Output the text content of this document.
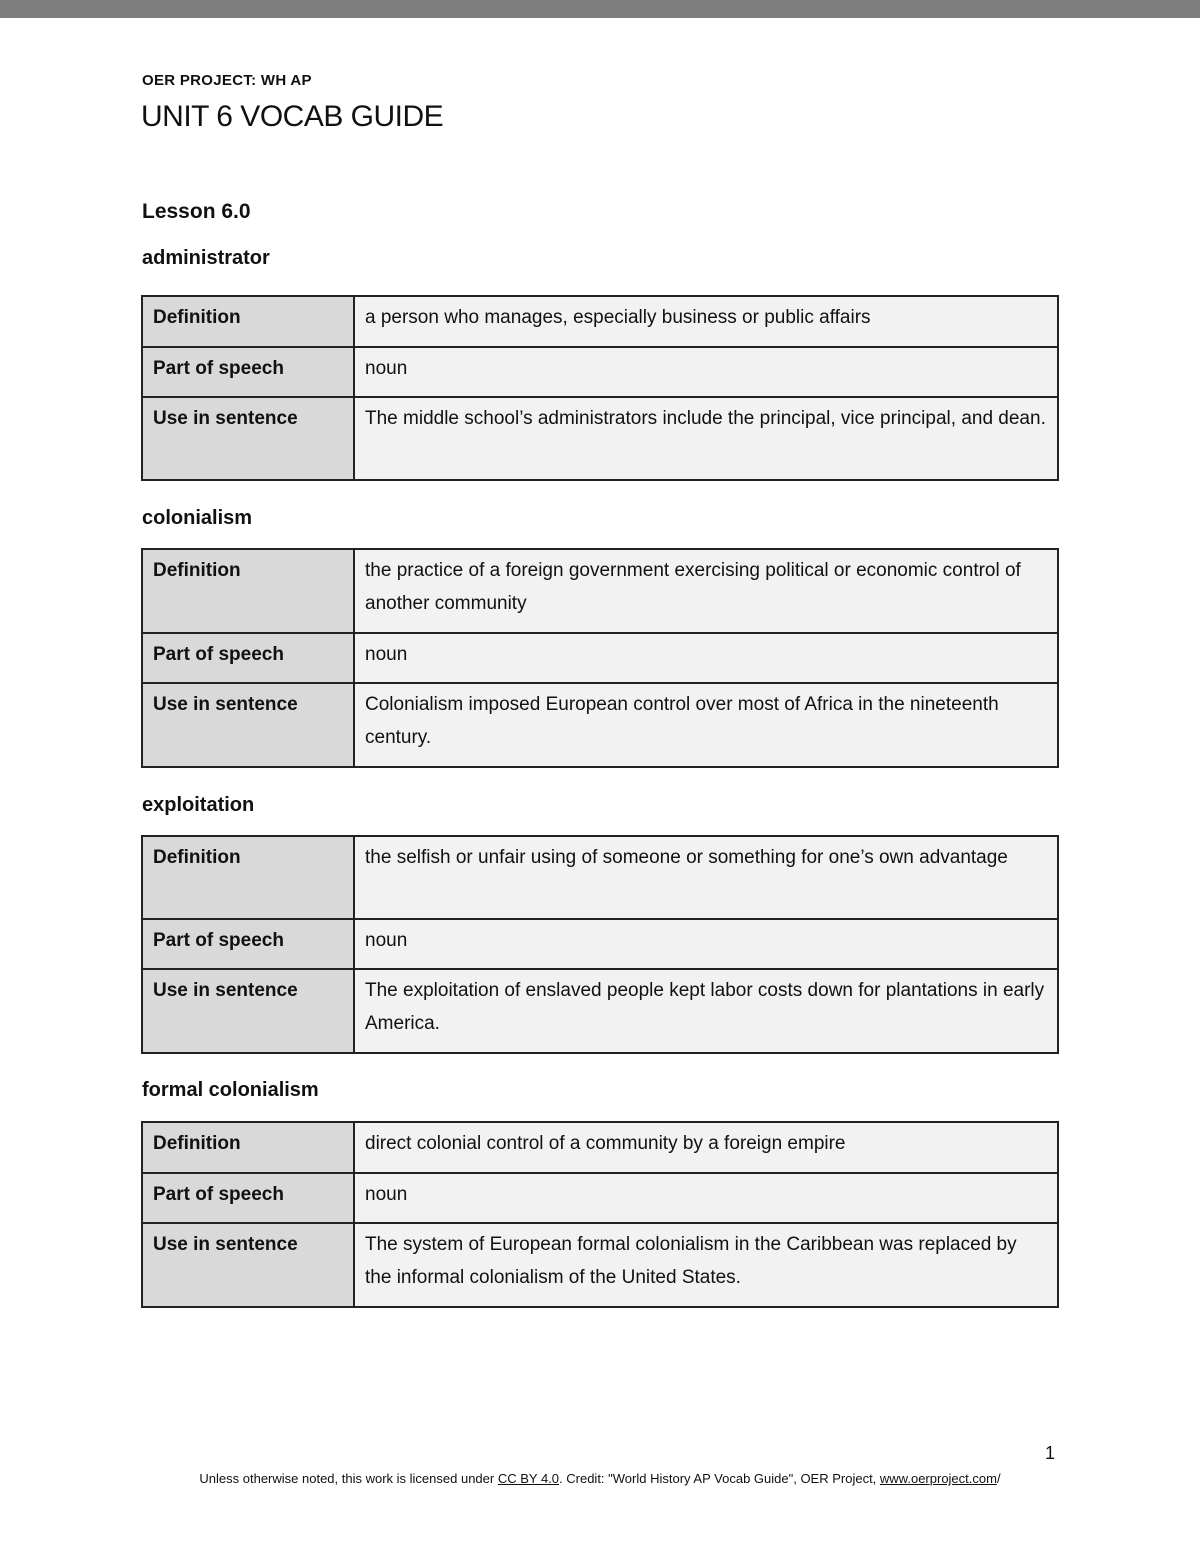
OER PROJECT: WH AP
UNIT 6 VOCAB GUIDE
Lesson 6.0
administrator
Definition	a person who manages, especially business or public affairs
Part of speech	noun
Use in sentence	The middle school’s administrators include the principal, vice principal, and dean.
colonialism
Definition	the practice of a foreign government exercising political or economic control of another community
Part of speech	noun
Use in sentence	Colonialism imposed European control over most of Africa in the nineteenth century.
exploitation
Definition	the selfish or unfair using of someone or something for one’s own advantage
Part of speech	noun
Use in sentence	The exploitation of enslaved people kept labor costs down for plantations in early America.
formal colonialism
Definition	direct colonial control of a community by a foreign empire
Part of speech	noun
Use in sentence	The system of European formal colonialism in the Caribbean was replaced by the informal colonialism of the United States.
1
Unless otherwise noted, this work is licensed under CC BY 4.0. Credit: "World History AP Vocab Guide", OER Project, www.oerproject.com/
